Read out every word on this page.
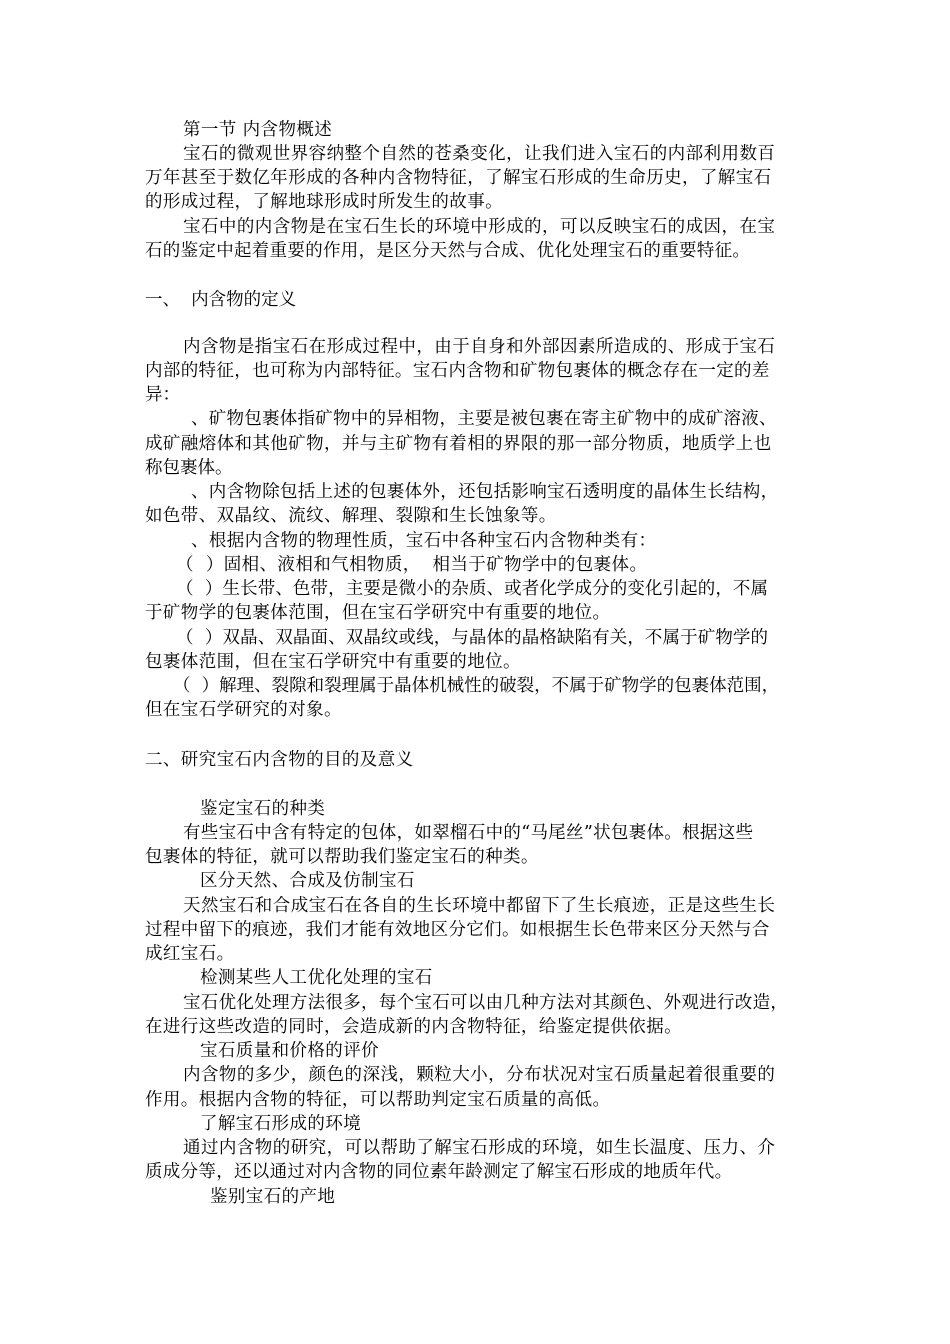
第一节 内含物概述
宝石的微观世界容纳整个自然的苍桑变化，让我们进入宝石的内部利用数百
万年甚至于数亿年形成的各种内含物特征，了解宝石形成的生命历史，了解宝石
的形成过程，了解地球形成时所发生的故事。
宝石中的内含物是在宝石生长的环境中形成的，可以反映宝石的成因，在宝
石的鉴定中起着重要的作用，是区分天然与合成、优化处理宝石的重要特征。
一、  内含物的定义
内含物是指宝石在形成过程中，由于自身和外部因素所造成的、形成于宝石
内部的特征，也可称为内部特征。宝石内含物和矿物包裹体的概念存在一定的差
异：
、矿物包裹体指矿物中的异相物，主要是被包裹在寄主矿物中的成矿溶液、
成矿融熔体和其他矿物，并与主矿物有着相的界限的那一部分物质，地质学上也
称包裹体。
、内含物除包括上述的包裹体外，还包括影响宝石透明度的晶体生长结构，
如色带、双晶纹、流纹、解理、裂隙和生长蚀象等。
、根据内含物的物理性质，宝石中各种宝石内含物种类有：
（  ）固相、液相和气相物质，  相当于矿物学中的包裹体。
（  ）生长带、色带，主要是微小的杂质、或者化学成分的变化引起的，不属
于矿物学的包裹体范围，但在宝石学研究中有重要的地位。
（  ）双晶、双晶面、双晶纹或线，与晶体的晶格缺陷有关，不属于矿物学的
包裹体范围，但在宝石学研究中有重要的地位。
（  ）解理、裂隙和裂理属于晶体机械性的破裂，不属于矿物学的包裹体范围，
但在宝石学研究的对象。
二、研究宝石内含物的目的及意义
鉴定宝石的种类
有些宝石中含有特定的包体，如翠榴石中的“马尾丝”状包裹体。根据这些
包裹体的特征，就可以帮助我们鉴定宝石的种类。
区分天然、合成及仿制宝石
天然宝石和合成宝石在各自的生长环境中都留下了生长痕迹，正是这些生长
过程中留下的痕迹，我们才能有效地区分它们。如根据生长色带来区分天然与合
成红宝石。
检测某些人工优化处理的宝石
宝石优化处理方法很多，每个宝石可以由几种方法对其颜色、外观进行改造，
在进行这些改造的同时，会造成新的内含物特征，给鉴定提供依据。
宝石质量和价格的评价
内含物的多少，颜色的深浅，颗粒大小，分布状况对宝石质量起着很重要的
作用。根据内含物的特征，可以帮助判定宝石质量的高低。
了解宝石形成的环境
通过内含物的研究，可以帮助了解宝石形成的环境，如生长温度、压力、介
质成分等，还以通过对内含物的同位素年龄测定了解宝石形成的地质年代。
鉴别宝石的产地
